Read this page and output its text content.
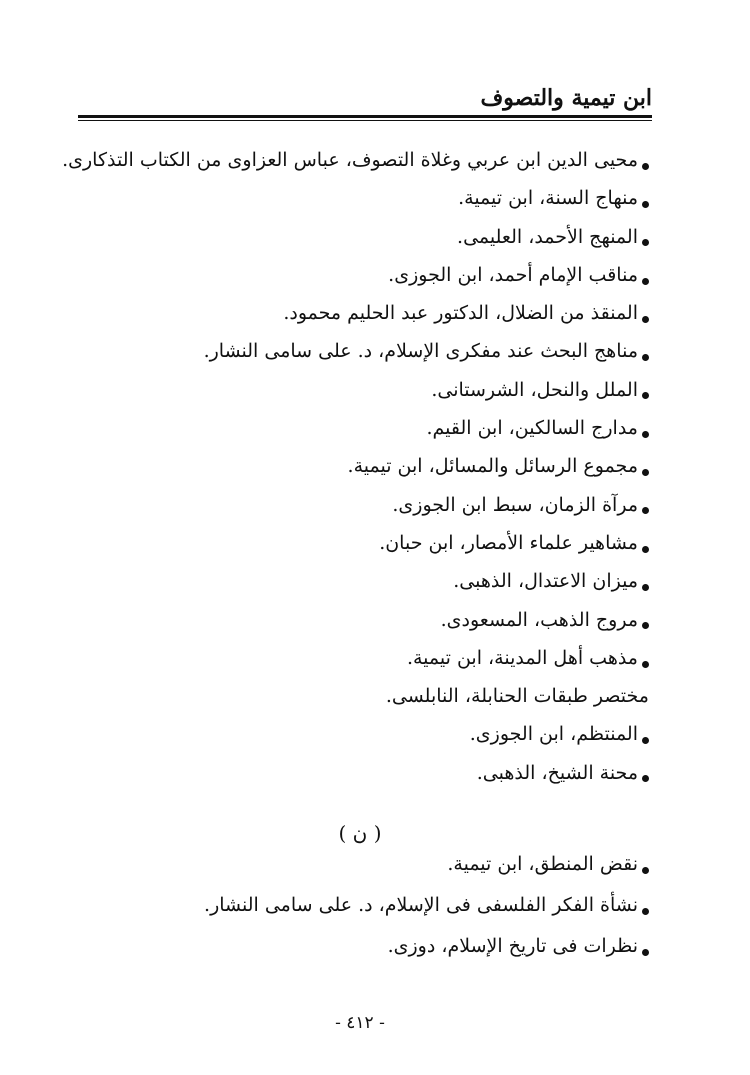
ابن تيمية والتصوف
محيى الدين ابن عربي وغلاة التصوف، عباس العزاوى من الكتاب التذكارى.
منهاج السنة، ابن تيمية.
المنهج الأحمد، العليمى.
مناقب الإمام أحمد، ابن الجوزى.
المنقذ من الضلال، الدكتور عبد الحليم محمود.
مناهج البحث عند مفكرى الإسلام، د. على سامى النشار.
الملل والنحل، الشرستانى.
مدارج السالكين، ابن القيم.
مجموع الرسائل والمسائل، ابن تيمية.
مرآة الزمان، سبط ابن الجوزى.
مشاهير علماء الأمصار، ابن حبان.
ميزان الاعتدال، الذهبى.
مروج الذهب، المسعودى.
مذهب أهل المدينة، ابن تيمية.
مختصر طبقات الحنابلة، النابلسى.
المنتظم، ابن الجوزى.
محنة الشيخ، الذهبى.
( ن )
نقض المنطق، ابن تيمية.
نشأة الفكر الفلسفى فى الإسلام، د. على سامى النشار.
نظرات فى تاريخ الإسلام، دوزى.
- ٤١٢ -
